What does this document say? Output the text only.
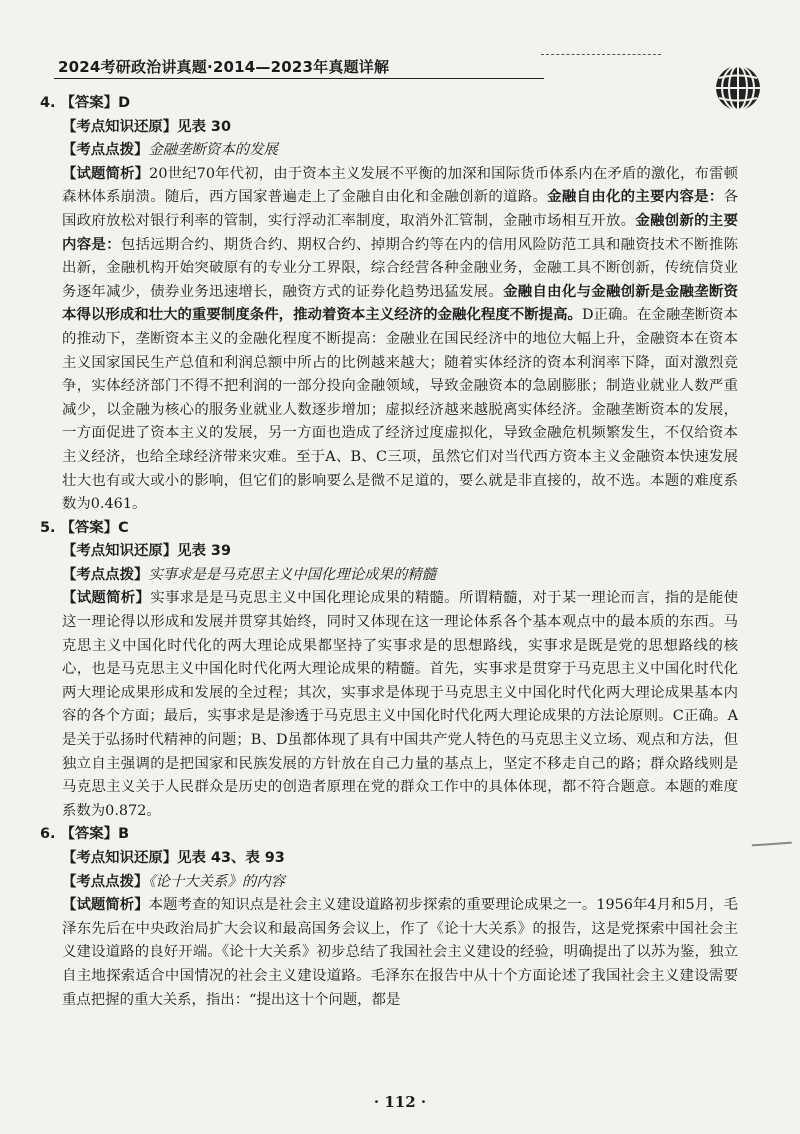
2024考研政治讲真题·2014—2023年真题详解
4. 【答案】D
【考点知识还原】见表 30
【考点点拨】金融垄断资本的发展
【试题简析】20世纪70年代初，由于资本主义发展不平衡的加深和国际货币体系内在矛盾的激化，布雷顿森林体系崩溃。随后，西方国家普遍走上了金融自由化和金融创新的道路。金融自由化的主要内容是：各国政府放松对银行利率的管制，实行浮动汇率制度，取消外汇管制，金融市场相互开放。金融创新的主要内容是：包括远期合约、期货合约、期权合约、掉期合约等在内的信用风险防范工具和融资技术不断推陈出新，金融机构开始突破原有的专业分工界限，综合经营各种金融业务，金融工具不断创新，传统信贷业务逐年减少，债券业务迅速增长，融资方式的证券化趋势迅猛发展。金融自由化与金融创新是金融垄断资本得以形成和壮大的重要制度条件，推动着资本主义经济的金融化程度不断提高。D正确。在金融垄断资本的推动下，垄断资本主义的金融化程度不断提高：金融业在国民经济中的地位大幅上升，金融资本在资本主义国家国民生产总值和利润总额中所占的比例越来越大；随着实体经济的资本利润率下降，面对激烈竞争，实体经济部门不得不把利润的一部分投向金融领域，导致金融资本的急剧膨胀；制造业就业人数严重减少，以金融为核心的服务业就业人数逐步增加；虚拟经济越来越脱离实体经济。金融垄断资本的发展，一方面促进了资本主义的发展，另一方面也造成了经济过度虚拟化，导致金融危机频繁发生，不仅给资本主义经济，也给全球经济带来灾难。至于A、B、C三项，虽然它们对当代西方资本主义金融资本快速发展壮大也有或大或小的影响，但它们的影响要么是微不足道的，要么就是非直接的，故不选。本题的难度系数为0.461。
5. 【答案】C
【考点知识还原】见表 39
【考点点拨】实事求是是马克思主义中国化理论成果的精髓
【试题简析】实事求是是马克思主义中国化理论成果的精髓。所谓精髓，对于某一理论而言，指的是能使这一理论得以形成和发展并贯穿其始终，同时又体现在这一理论体系各个基本观点中的最本质的东西。马克思主义中国化时代化的两大理论成果都坚持了实事求是的思想路线，实事求是既是党的思想路线的核心，也是马克思主义中国化时代化两大理论成果的精髓。首先，实事求是贯穿于马克思主义中国化时代化两大理论成果形成和发展的全过程；其次，实事求是体现于马克思主义中国化时代化两大理论成果基本内容的各个方面；最后，实事求是是渗透于马克思主义中国化时代化两大理论成果的方法论原则。C正确。A是关于弘扬时代精神的问题；B、D虽都体现了具有中国共产党人特色的马克思主义立场、观点和方法，但独立自主强调的是把国家和民族发展的方针放在自己力量的基点上，坚定不移走自己的路；群众路线则是马克思主义关于人民群众是历史的创造者原理在党的群众工作中的具体体现，都不符合题意。本题的难度系数为0.872。
6. 【答案】B
【考点知识还原】见表 43、表 93
【考点点拨】《论十大关系》的内容
【试题简析】本题考查的知识点是社会主义建设道路初步探索的重要理论成果之一。1956年4月和5月，毛泽东先后在中央政治局扩大会议和最高国务会议上，作了《论十大关系》的报告，这是党探索中国社会主义建设道路的良好开端。《论十大关系》初步总结了我国社会主义建设的经验，明确提出了以苏为鉴，独立自主地探索适合中国情况的社会主义建设道路。毛泽东在报告中从十个方面论述了我国社会主义建设需要重点把握的重大关系，指出：“提出这十个问题，都是
· 112 ·
